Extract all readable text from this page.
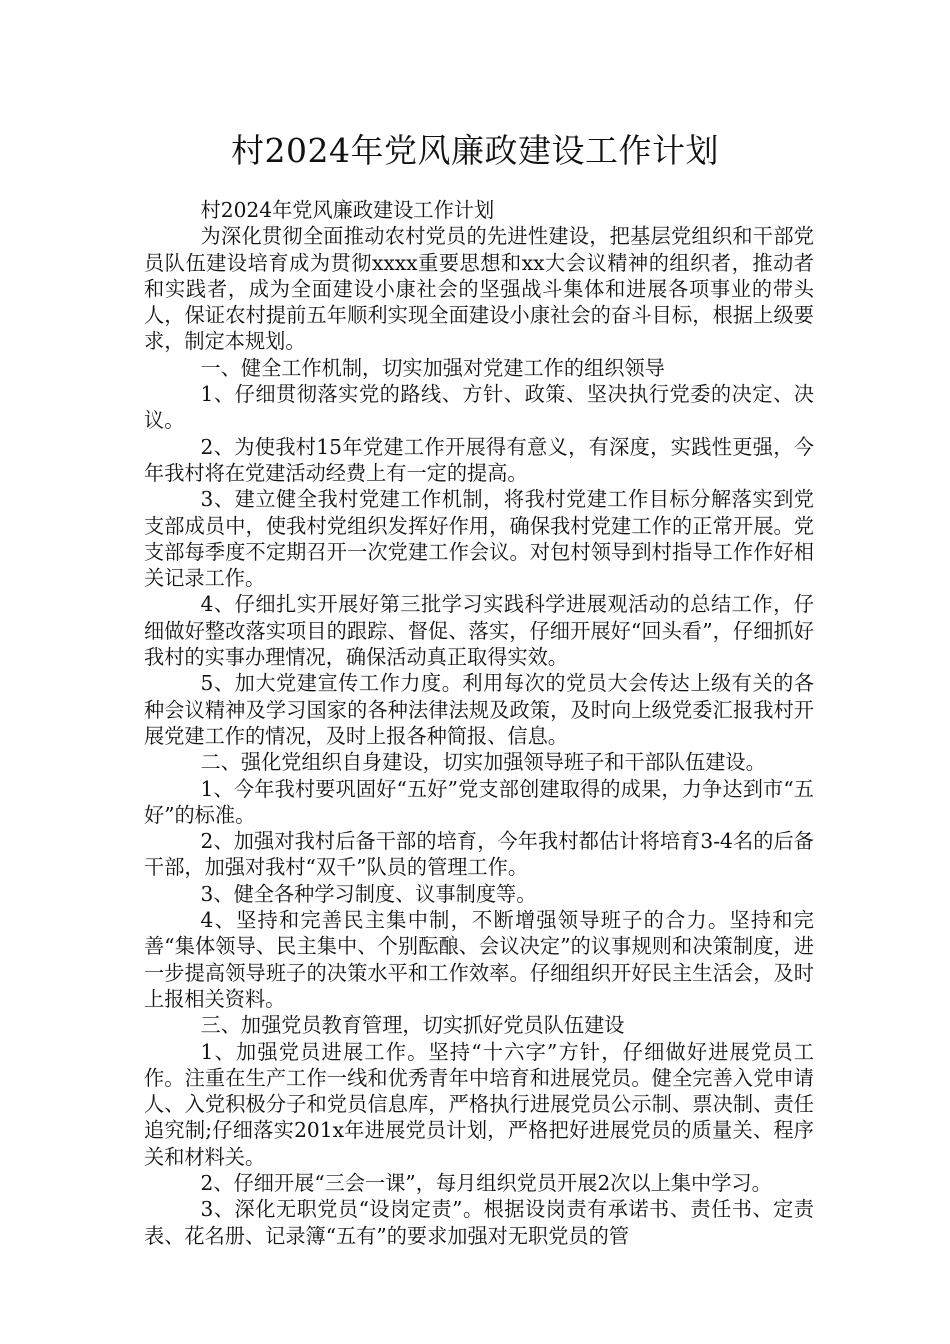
村2024年党风廉政建设工作计划

村2024年党风廉政建设工作计划

为深化贯彻全面推动农村党员的先进性建设，把基层党组织和干部党员队伍建设培育成为贯彻xxxx重要思想和xx大会议精神的组织者，推动者和实践者，成为全面建设小康社会的坚强战斗集体和进展各项事业的带头人，保证农村提前五年顺利实现全面建设小康社会的奋斗目标，根据上级要求，制定本规划。

一、健全工作机制，切实加强对党建工作的组织领导

1、仔细贯彻落实党的路线、方针、政策、坚决执行党委的决定、决议。

2、为使我村15年党建工作开展得有意义，有深度，实践性更强，今年我村将在党建活动经费上有一定的提高。

3、建立健全我村党建工作机制，将我村党建工作目标分解落实到党支部成员中，使我村党组织发挥好作用，确保我村党建工作的正常开展。党支部每季度不定期召开一次党建工作会议。对包村领导到村指导工作作好相关记录工作。

4、仔细扎实开展好第三批学习实践科学进展观活动的总结工作，仔细做好整改落实项目的跟踪、督促、落实，仔细开展好“回头看”，仔细抓好我村的实事办理情况，确保活动真正取得实效。

5、加大党建宣传工作力度。利用每次的党员大会传达上级有关的各种会议精神及学习国家的各种法律法规及政策，及时向上级党委汇报我村开展党建工作的情况，及时上报各种简报、信息。

二、强化党组织自身建设，切实加强领导班子和干部队伍建设。

1、今年我村要巩固好“五好”党支部创建取得的成果，力争达到市“五好”的标准。

2、加强对我村后备干部的培育，今年我村都估计将培育3-4名的后备干部，加强对我村“双千”队员的管理工作。

3、健全各种学习制度、议事制度等。

4、坚持和完善民主集中制，不断增强领导班子的合力。坚持和完善“集体领导、民主集中、个别酝酿、会议决定”的议事规则和决策制度，进一步提高领导班子的决策水平和工作效率。仔细组织开好民主生活会，及时上报相关资料。

三、加强党员教育管理，切实抓好党员队伍建设

1、加强党员进展工作。坚持“十六字”方针，仔细做好进展党员工作。注重在生产工作一线和优秀青年中培育和进展党员。健全完善入党申请人、入党积极分子和党员信息库，严格执行进展党员公示制、票决制、责任追究制;仔细落实201x年进展党员计划，严格把好进展党员的质量关、程序关和材料关。

2、仔细开展“三会一课”，每月组织党员开展2次以上集中学习。

3、深化无职党员“设岗定责”。根据设岗责有承诺书、责任书、定责表、花名册、记录簿“五有”的要求加强对无职党员的管
